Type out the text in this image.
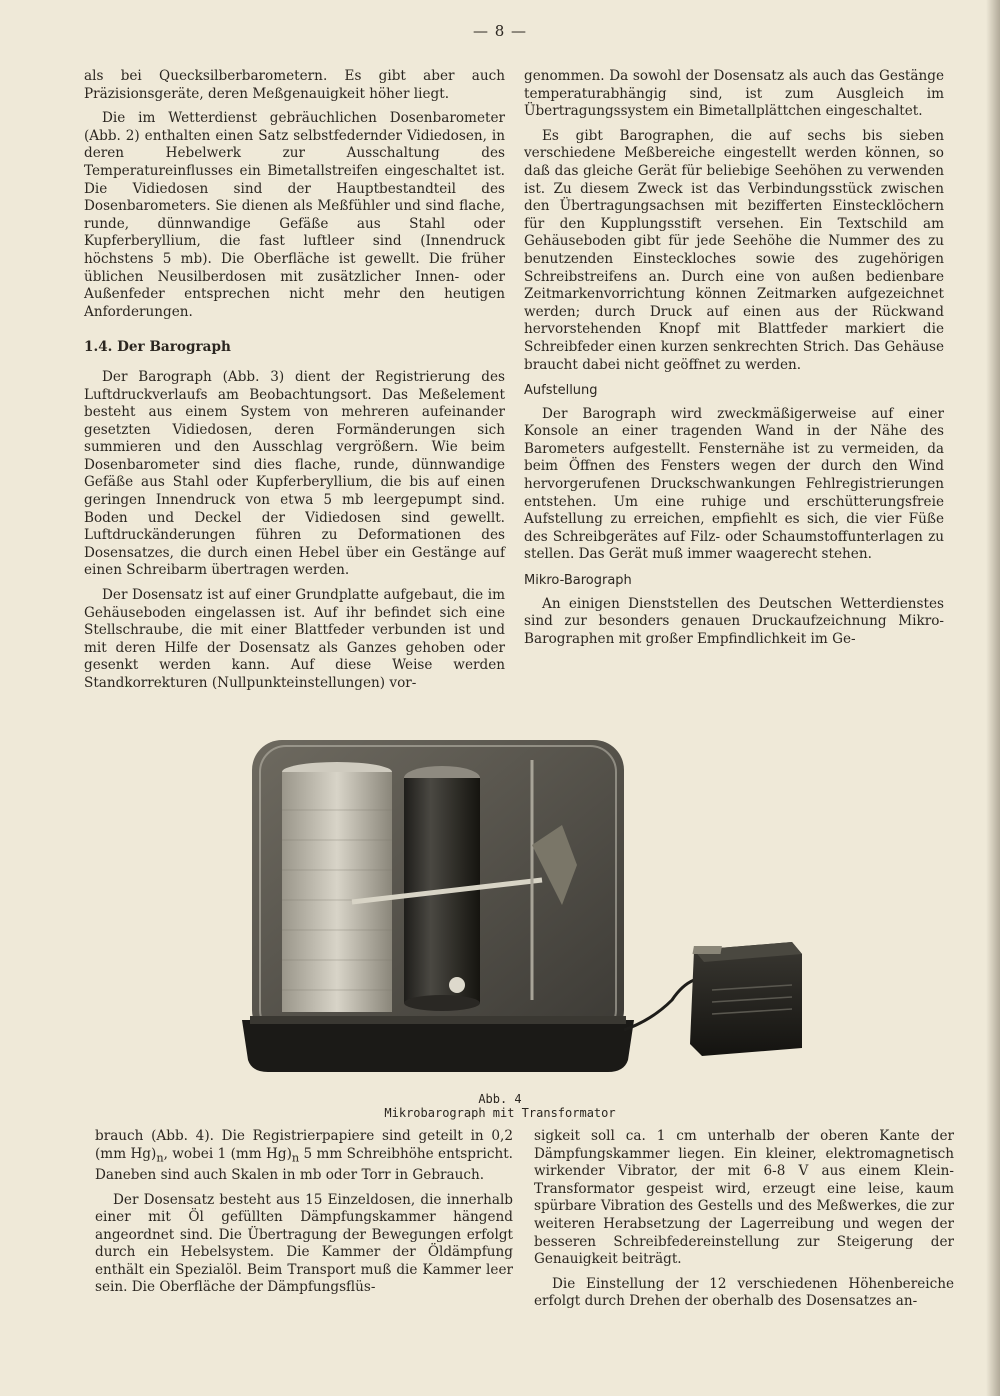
— 8 —

als bei Quecksilberbarometern. Es gibt aber auch Präzisionsgeräte, deren Meßgenauigkeit höher liegt.

Die im Wetterdienst gebräuchlichen Dosenbarometer (Abb. 2) enthalten einen Satz selbstfedernder Vidiedosen, in deren Hebelwerk zur Ausschaltung des Temperatureinflusses ein Bimetallstreifen eingeschaltet ist. Die Vidiedosen sind der Hauptbestandteil des Dosenbarometers. Sie dienen als Meßfühler und sind flache, runde, dünnwandige Gefäße aus Stahl oder Kupferberyllium, die fast luftleer sind (Innendruck höchstens 5 mb). Die Oberfläche ist gewellt. Die früher üblichen Neusilberdosen mit zusätzlicher Innen- oder Außenfeder entsprechen nicht mehr den heutigen Anforderungen.

1.4. Der Barograph

Der Barograph (Abb. 3) dient der Registrierung des Luftdruckverlaufs am Beobachtungsort. Das Meßelement besteht aus einem System von mehreren aufeinander gesetzten Vidiedosen, deren Formänderungen sich summieren und den Ausschlag vergrößern. Wie beim Dosenbarometer sind dies flache, runde, dünnwandige Gefäße aus Stahl oder Kupferberyllium, die bis auf einen geringen Innendruck von etwa 5 mb leergepumpt sind. Boden und Deckel der Vidiedosen sind gewellt. Luftdruckänderungen führen zu Deformationen des Dosensatzes, die durch einen Hebel über ein Gestänge auf einen Schreibarm übertragen werden.

Der Dosensatz ist auf einer Grundplatte aufgebaut, die im Gehäuseboden eingelassen ist. Auf ihr befindet sich eine Stellschraube, die mit einer Blattfeder verbunden ist und mit deren Hilfe der Dosensatz als Ganzes gehoben oder gesenkt werden kann. Auf diese Weise werden Standkorrekturen (Nullpunkteinstellungen) vor-

genommen. Da sowohl der Dosensatz als auch das Gestänge temperaturabhängig sind, ist zum Ausgleich im Übertragungssystem ein Bimetallplättchen eingeschaltet.

Es gibt Barographen, die auf sechs bis sieben verschiedene Meßbereiche eingestellt werden können, so daß das gleiche Gerät für beliebige Seehöhen zu verwenden ist. Zu diesem Zweck ist das Verbindungsstück zwischen den Übertragungsachsen mit bezifferten Einstecklöchern für den Kupplungsstift versehen. Ein Textschild am Gehäuseboden gibt für jede Seehöhe die Nummer des zu benutzenden Einsteckloches sowie des zugehörigen Schreibstreifens an. Durch eine von außen bedienbare Zeitmarkenvorrichtung können Zeitmarken aufgezeichnet werden; durch Druck auf einen aus der Rückwand hervorstehenden Knopf mit Blattfeder markiert die Schreibfeder einen kurzen senkrechten Strich. Das Gehäuse braucht dabei nicht geöffnet zu werden.

Aufstellung

Der Barograph wird zweckmäßigerweise auf einer Konsole an einer tragenden Wand in der Nähe des Barometers aufgestellt. Fensternähe ist zu vermeiden, da beim Öffnen des Fensters wegen der durch den Wind hervorgerufenen Druckschwankungen Fehlregistrierungen entstehen. Um eine ruhige und erschütterungsfreie Aufstellung zu erreichen, empfiehlt es sich, die vier Füße des Schreibgerätes auf Filz- oder Schaumstoffunterlagen zu stellen. Das Gerät muß immer waagerecht stehen.

Mikro-Barograph

An einigen Dienststellen des Deutschen Wetterdienstes sind zur besonders genauen Druckaufzeichnung Mikro-Barographen mit großer Empfindlichkeit im Ge-

Abb. 4
Mikrobarograph mit Transformator

brauch (Abb. 4). Die Registrierpapiere sind geteilt in 0,2 (mm $Hg)_n$, wobei 1 (mm $Hg)_n$ 5 mm Schreibhöhe entspricht. Daneben sind auch Skalen in mb oder Torr in Gebrauch.

Der Dosensatz besteht aus 15 Einzeldosen, die innerhalb einer mit Öl gefüllten Dämpfungskammer hängend angeordnet sind. Die Übertragung der Bewegungen erfolgt durch ein Hebelsystem. Die Kammer der Öldämpfung enthält ein Spezialöl. Beim Transport muß die Kammer leer sein. Die Oberfläche der Dämpfungsflüs-

sigkeit soll ca. 1 cm unterhalb der oberen Kante der Dämpfungskammer liegen. Ein kleiner, elektromagnetisch wirkender Vibrator, der mit 6-8 V aus einem Klein-Transformator gespeist wird, erzeugt eine leise, kaum spürbare Vibration des Gestells und des Meßwerkes, die zur weiteren Herabsetzung der Lagerreibung und wegen der besseren Schreibfedereinstellung zur Steigerung der Genauigkeit beiträgt.

Die Einstellung der 12 verschiedenen Höhenbereiche erfolgt durch Drehen der oberhalb des Dosensatzes an-
